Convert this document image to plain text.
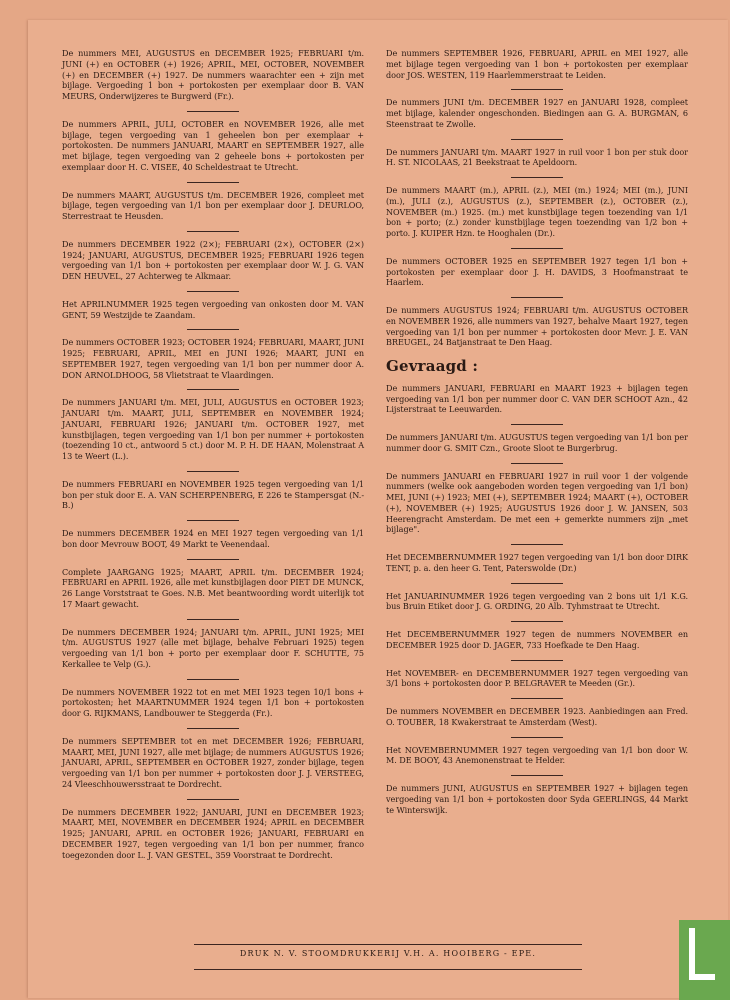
De nummers MEI, AUGUSTUS en DECEMBER 1925; FEBRUARI t/m. JUNI (+) en OCTOBER (+) 1926; APRIL, MEI, OCTOBER, NOVEMBER (+) en DECEMBER (+) 1927. De nummers waarachter een + zijn met bijlage. Vergoeding 1 bon + portokosten per exemplaar door B. VAN MEURS, Onderwijzeres te Burgwerd (Fr.).

De nummers APRIL, JULI, OCTOBER en NOVEMBER 1926, alle met bijlage, tegen vergoeding van 1 geheelen bon per exemplaar + portokosten. De nummers JANUARI, MAART en SEPTEMBER 1927, alle met bijlage, tegen vergoeding van 2 geheele bons + portokosten per exemplaar door H. C. VISEE, 40 Scheldestraat te Utrecht.

De nummers MAART, AUGUSTUS t/m. DECEMBER 1926, compleet met bijlage, tegen vergoeding van 1/1 bon per exemplaar door J. DEURLOO, Sterrestraat te Heusden.

De nummers DECEMBER 1922 (2×); FEBRUARI (2×), OCTOBER (2×) 1924; JANUARI, AUGUSTUS, DECEMBER 1925; FEBRUARI 1926 tegen vergoeding van 1/1 bon + portokosten per exemplaar door W. J. G. VAN DEN HEUVEL, 27 Achterweg te Alkmaar.

Het APRILNUMMER 1925 tegen vergoeding van onkosten door M. VAN GENT, 59 Westzijde te Zaandam.

De nummers OCTOBER 1923; OCTOBER 1924; FEBRUARI, MAART, JUNI 1925; FEBRUARI, APRIL, MEI en JUNI 1926; MAART, JUNI en SEPTEMBER 1927, tegen vergoeding van 1/1 bon per nummer door A. DON ARNOLDHOOG, 58 Vlietstraat te Vlaardingen.

De nummers JANUARI t/m. MEI, JULI, AUGUSTUS en OCTOBER 1923; JANUARI t/m. MAART, JULI, SEPTEMBER en NOVEMBER 1924; JANUARI, FEBRUARI 1926; JANUARI t/m. OCTOBER 1927, met kunstbijlagen, tegen vergoeding van 1/1 bon per nummer + portokosten (toezending 10 ct., antwoord 5 ct.) door M. P. H. DE HAAN, Molenstraat A 13 te Weert (L.).

De nummers FEBRUARI en NOVEMBER 1925 tegen vergoeding van 1/1 bon per stuk door E. A. VAN SCHERPENBERG, E 226 te Stampersgat (N.-B.)

De nummers DECEMBER 1924 en MEI 1927 tegen vergoeding van 1/1 bon door Mevrouw BOOT, 49 Markt te Veenendaal.

Complete JAARGANG 1925; MAART, APRIL t/m. DECEMBER 1924; FEBRUARI en APRIL 1926, alle met kunstbijlagen door PIET DE MUNCK, 26 Lange Vorststraat te Goes. N.B. Met beantwoording wordt uiterlijk tot 17 Maart gewacht.

De nummers DECEMBER 1924; JANUARI t/m. APRIL, JUNI 1925; MEI t/m. AUGUSTUS 1927 (alle met bijlage, behalve Februari 1925) tegen vergoeding van 1/1 bon + porto per exemplaar door F. SCHUTTE, 75 Kerkallee te Velp (G.).

De nummers NOVEMBER 1922 tot en met MEI 1923 tegen 10/1 bons + portokosten; het MAARTNUMMER 1924 tegen 1/1 bon + portokosten door G. RIJKMANS, Landbouwer te Steggerda (Fr.).

De nummers SEPTEMBER tot en met DECEMBER 1926; FEBRUARI, MAART, MEI, JUNI 1927, alle met bijlage; de nummers AUGUSTUS 1926; JANUARI, APRIL, SEPTEMBER en OCTOBER 1927, zonder bijlage, tegen vergoeding van 1/1 bon per nummer + portokosten door J. J. VERSTEEG, 24 Vleeschhouwersstraat te Dordrecht.

De nummers DECEMBER 1922; JANUARI, JUNI en DECEMBER 1923; MAART, MEI, NOVEMBER en DECEMBER 1924; APRIL en DECEMBER 1925; JANUARI, APRIL en OCTOBER 1926; JANUARI, FEBRUARI en DECEMBER 1927, tegen vergoeding van 1/1 bon per nummer, franco toegezonden door L. J. VAN GESTEL, 359 Voorstraat te Dordrecht.

De nummers SEPTEMBER 1926, FEBRUARI, APRIL en MEI 1927, alle met bijlage tegen vergoeding van 1 bon + portokosten per exemplaar door JOS. WESTEN, 119 Haarlemmerstraat te Leiden.

De nummers JUNI t/m. DECEMBER 1927 en JANUARI 1928, compleet met bijlage, kalender ongeschonden. Biedingen aan G. A. BURGMAN, 6 Steenstraat te Zwolle.

De nummers JANUARI t/m. MAART 1927 in ruil voor 1 bon per stuk door H. ST. NICOLAAS, 21 Beekstraat te Apeldoorn.

De nummers MAART (m.), APRIL (z.), MEI (m.) 1924; MEI (m.), JUNI (m.), JULI (z.), AUGUSTUS (z.), SEPTEMBER (z.), OCTOBER (z.), NOVEMBER (m.) 1925. (m.) met kunstbijlage tegen toezending van 1/1 bon + porto; (z.) zonder kunstbijlage tegen toezending van 1/2 bon + porto. J. KUIPER Hzn. te Hooghalen (Dr.).

De nummers OCTOBER 1925 en SEPTEMBER 1927 tegen 1/1 bon + portokosten per exemplaar door J. H. DAVIDS, 3 Hoofmanstraat te Haarlem.

De nummers AUGUSTUS 1924; FEBRUARI t/m. AUGUSTUS OCTOBER en NOVEMBER 1926, alle nummers van 1927, behalve Maart 1927, tegen vergoeding van 1/1 bon per nummer + portokosten door Mevr. J. E. VAN BREUGEL, 24 Batjanstraat te Den Haag.

Gevraagd :

De nummers JANUARI, FEBRUARI en MAART 1923 + bijlagen tegen vergoeding van 1/1 bon per nummer door C. VAN DER SCHOOT Azn., 42 Lijsterstraat te Leeuwarden.

De nummers JANUARI t/m. AUGUSTUS tegen vergoeding van 1/1 bon per nummer door G. SMIT Czn., Groote Sloot te Burgerbrug.

De nummers JANUARI en FEBRUARI 1927 in ruil voor 1 der volgende nummers (welke ook aangeboden worden tegen vergoeding van 1/1 bon) MEI, JUNI (+) 1923; MEI (+), SEPTEMBER 1924; MAART (+), OCTOBER (+), NOVEMBER (+) 1925; AUGUSTUS 1926 door J. W. JANSEN, 503 Heerengracht Amsterdam. De met een + gemerkte nummers zijn „met bijlage".

Het DECEMBERNUMMER 1927 tegen vergoeding van 1/1 bon door DIRK TENT, p. a. den heer G. Tent, Paterswolde (Dr.)

Het JANUARINUMMER 1926 tegen vergoeding van 2 bons uit 1/1 K.G. bus Bruin Etiket door J. G. ORDING, 20 Alb. Tyhmstraat te Utrecht.

Het DECEMBERNUMMER 1927 tegen de nummers NOVEMBER en DECEMBER 1925 door D. JAGER, 733 Hoefkade te Den Haag.

Het NOVEMBER- en DECEMBERNUMMER 1927 tegen vergoeding van 3/1 bons + portokosten door P. BELGRAVER te Meeden (Gr.).

De nummers NOVEMBER en DECEMBER 1923. Aanbiedingen aan Fred. O. TOUBER, 18 Kwakerstraat te Amsterdam (West).

Het NOVEMBERNUMMER 1927 tegen vergoeding van 1/1 bon door W. M. DE BOOY, 43 Anemonenstraat te Helder.

De nummers JUNI, AUGUSTUS en SEPTEMBER 1927 + bijlagen tegen vergoeding van 1/1 bon + portokosten door Syda GEERLINGS, 44 Markt te Winterswijk.

DRUK N. V. STOOMDRUKKERIJ V.H. A. HOOIBERG - EPE.
